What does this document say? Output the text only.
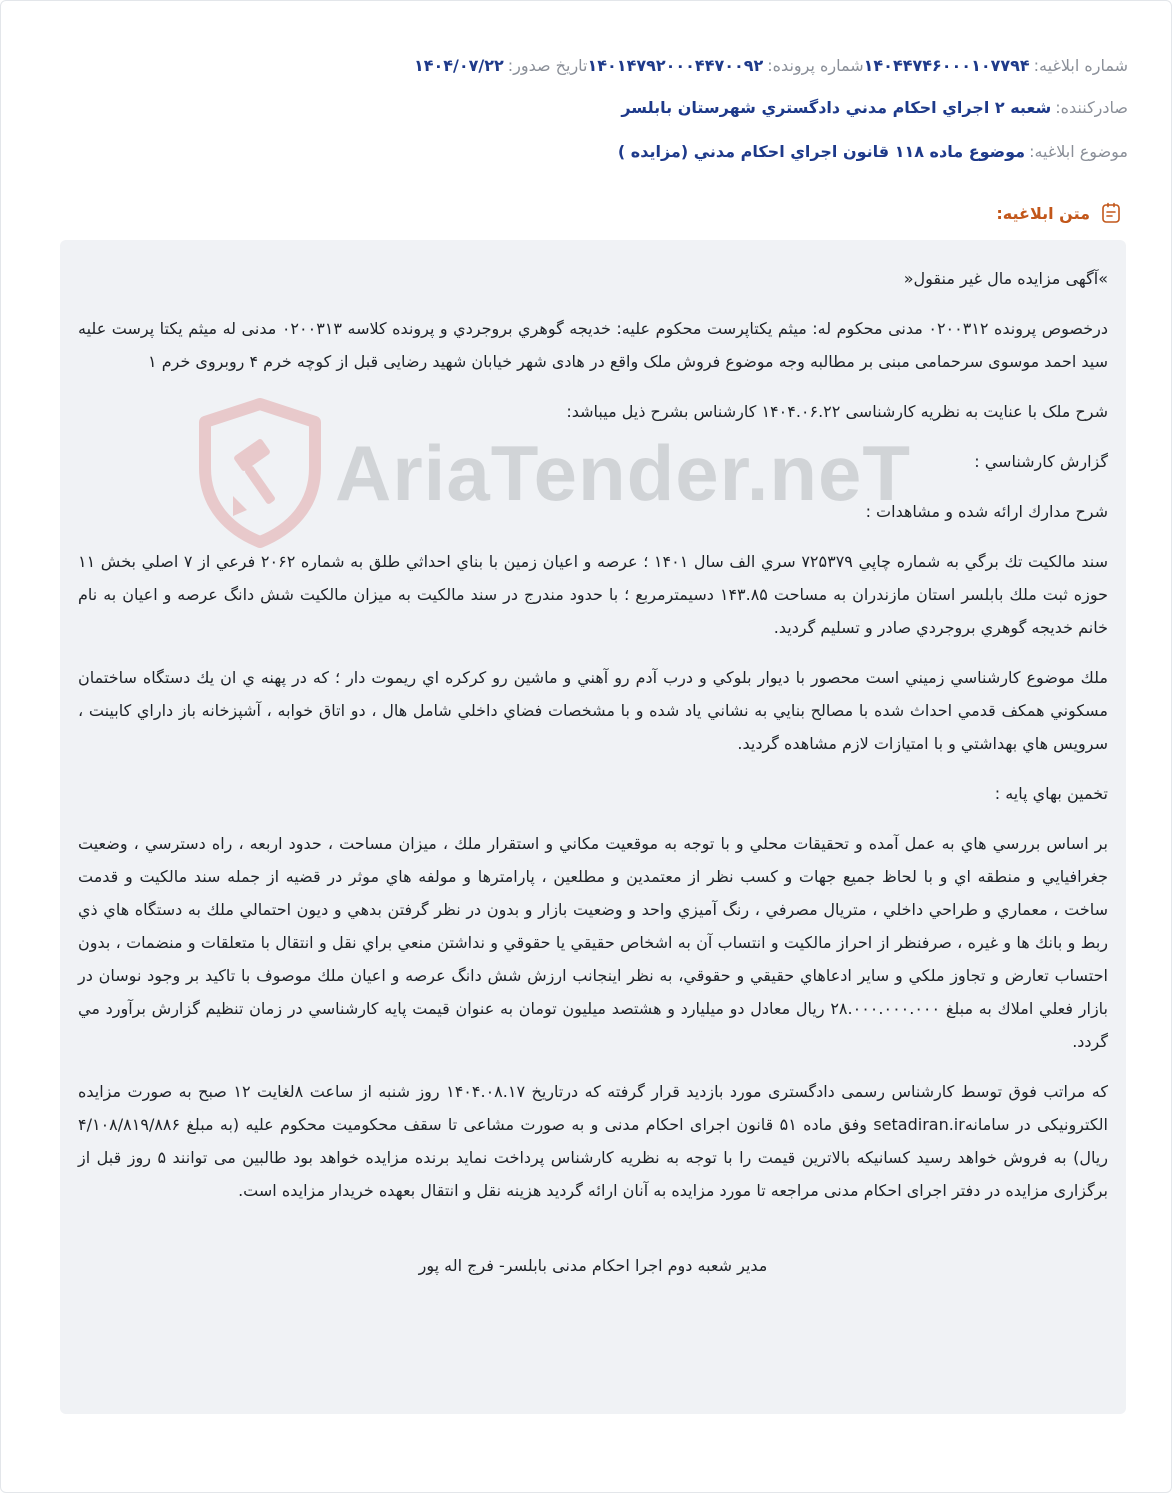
شماره ابلاغيه:
۱۴۰۴۴۷۴۶۰۰۰۱۰۷۷۹۴
شماره پرونده:
۱۴۰۱۴۷۹۲۰۰۰۴۴۷۰۰۹۲
تاريخ صدور:
۱۴۰۴/۰۷/۲۲
صادرکننده:
شعبه ۲ اجراي احکام مدني دادگستري شهرستان بابلسر
موضوع ابلاغيه:
موضوع ماده ۱۱۸ قانون اجراي احکام مدني (مزايده )
متن ابلاغيه:
AriaTender.neT

»آگهی مزایده مال غیر منقول«

درخصوص پرونده ۰۲۰۰۳۱۲ مدنی محکوم له: میثم یکتاپرست محکوم علیه: خدیجه گوهري بروجردي و پرونده کلاسه ۰۲۰۰۳۱۳ مدنی له میثم یکتا پرست علیه سید احمد موسوی سرحمامی مبنی بر مطالبه وجه موضوع فروش ملک واقع در هادی شهر خیابان شهید رضایی قبل از کوچه خرم ۴ روبروی خرم ۱

شرح ملک با عنایت به نظریه کارشناسی ۱۴۰۴.۰۶.۲۲ کارشناس بشرح ذیل میباشد:

گزارش کارشناسي :

شرح مدارك ارائه شده و مشاهدات :

سند مالكيت تك برگي به شماره چاپي ۷۲۵۳۷۹ سري الف سال ۱۴۰۱ ؛ عرصه و اعيان زمين با بناي احداثي طلق به شماره ۲۰۶۲ فرعي از ۷ اصلي بخش ۱۱ حوزه ثبت ملك بابلسر استان مازندران به مساحت ۱۴۳.۸۵ دسيمترمربع ؛ با حدود مندرج در سند مالكيت به ميزان مالكيت شش دانگ عرصه و اعيان به نام خانم خديجه گوهري بروجردي صادر و تسليم گرديد.

ملك موضوع كارشناسي زميني است محصور با ديوار بلوكي و درب آدم رو آهني و ماشين رو كركره اي ريموت دار ؛ كه در پهنه ي ان يك دستگاه ساختمان مسكوني همكف قدمي احداث شده با مصالح بنايي به نشاني ياد شده و با مشخصات فضاي داخلي شامل هال ، دو اتاق خوابه ، آشپزخانه باز داراي كابينت ، سرويس هاي بهداشتي و با امتيازات لازم مشاهده گرديد.

تخمين بهاي پايه :

بر اساس بررسي هاي به عمل آمده و تحقيقات محلي و با توجه به موقعيت مكاني و استقرار ملك ، ميزان مساحت ، حدود اربعه ، راه دسترسي ، وضعيت جغرافيايي و منطقه اي و با لحاظ جميع جهات و كسب نظر از معتمدين و مطلعين ، پارامترها و مولفه هاي موثر در قضيه از جمله سند مالكيت و قدمت ساخت ، معماري و طراحي داخلي ، متريال مصرفي ، رنگ آميزي واحد و وضعيت بازار و بدون در نظر گرفتن بدهي و ديون احتمالي ملك به دستگاه هاي ذي ربط و بانك ها و غيره ، صرفنظر از احراز مالكيت و انتساب آن به اشخاص حقيقي يا حقوقي و نداشتن منعي براي نقل و انتقال با متعلقات و منضمات ، بدون احتساب تعارض و تجاوز ملكي و ساير ادعاهاي حقيقي و حقوقي، به نظر اينجانب ارزش شش دانگ عرصه و اعيان ملك موصوف با تاكيد بر وجود نوسان در بازار فعلي املاك به مبلغ ۲۸.۰۰۰.۰۰۰.۰۰۰ ريال معادل دو ميليارد و هشتصد ميليون تومان به عنوان قيمت پايه كارشناسي در زمان تنظيم گزارش برآورد مي گردد.

که مراتب فوق توسط کارشناس رسمی دادگستری مورد بازدید قرار گرفته که درتاریخ ۱۴۰۴.۰۸.۱۷ روز شنبه از ساعت ۸لغایت ۱۲ صبح به صورت مزایده الکترونیکی در سامانهsetadiran.ir وفق ماده ۵۱ قانون اجرای احکام مدنی و به صورت مشاعی تا سقف محکومیت محکوم علیه (به مبلغ ۴/۱۰۸/۸۱۹/۸۸۶ ریال) به فروش خواهد رسید کسانیکه بالاترین قیمت را با توجه به نظریه کارشناس پرداخت نماید برنده مزایده خواهد بود طالبین می توانند ۵ روز قبل از برگزاری مزایده در دفتر اجرای احکام مدنی مراجعه تا مورد مزایده به آنان ارائه گردید هزینه نقل و انتقال بعهده خریدار مزایده است.

مدیر شعبه دوم اجرا احکام مدنی بابلسر- فرج اله پور
